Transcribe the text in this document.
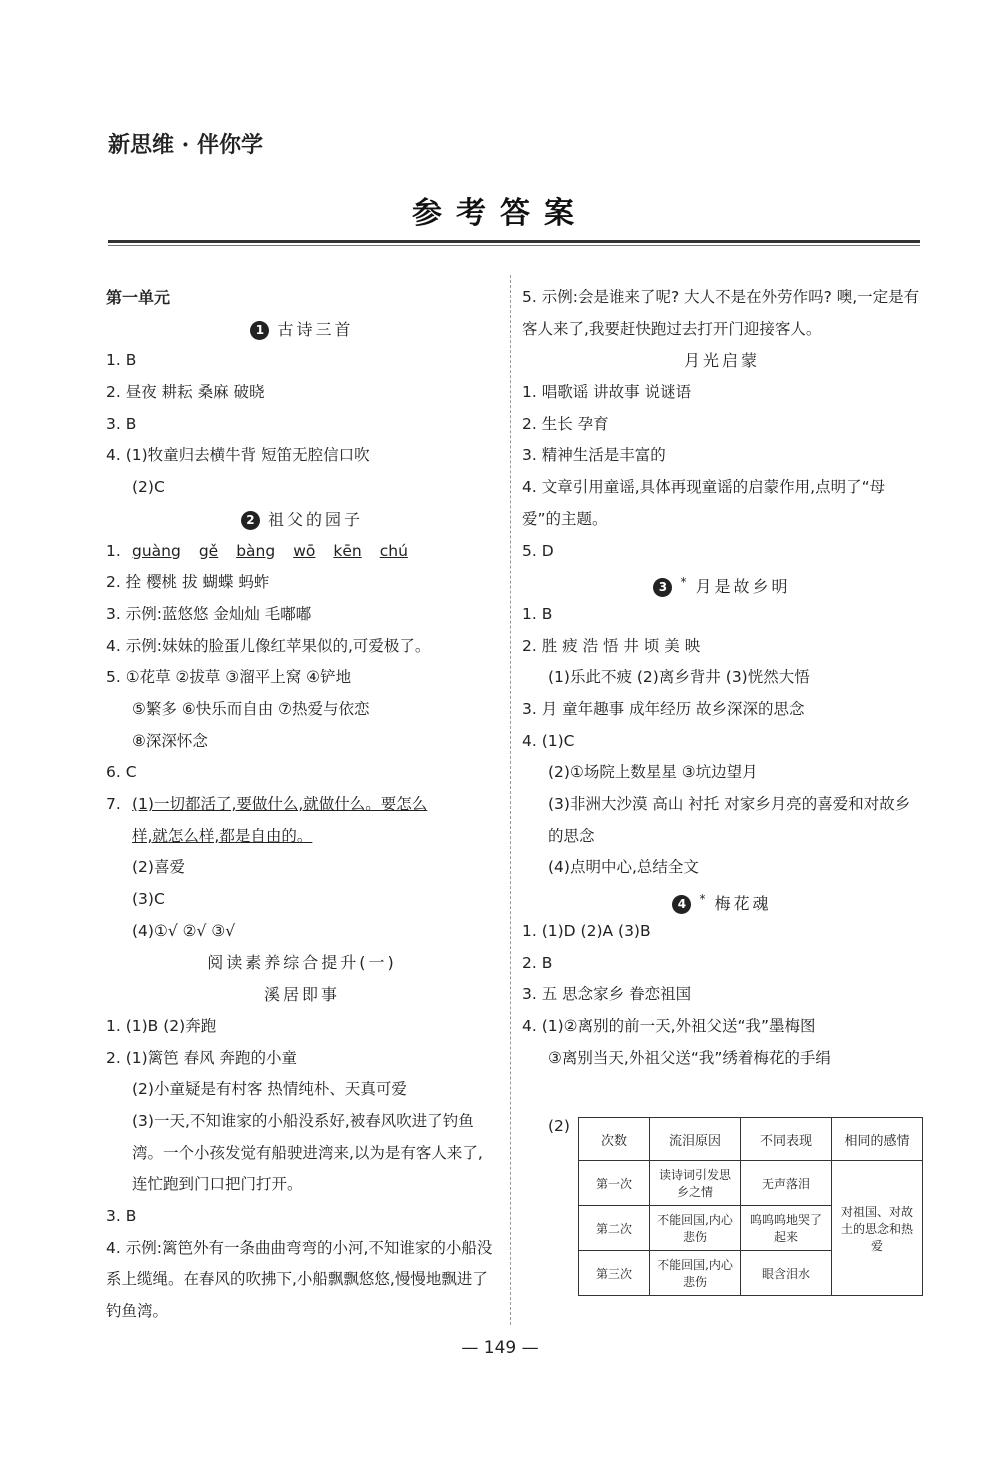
新思维 · 伴你学
参考答案
第一单元
1 古诗三首
1. B
2. 昼夜 耕耘 桑麻 破晓
3. B
4. (1)牧童归去横牛背 短笛无腔信口吹
(2)C
2 祖父的园子
1. guàng gě bàng wō kēn chú
2. 拴 樱桃 拔 蝴蝶 蚂蚱
3. 示例:蓝悠悠 金灿灿 毛嘟嘟
4. 示例:妹妹的脸蛋儿像红苹果似的,可爱极了。
5. ①花草 ②拔草 ③溜平上窝 ④铲地
⑤繁多 ⑥快乐而自由 ⑦热爱与依恋
⑧深深怀念
6. C
7. (1)一切都活了,要做什么,就做什么。要怎么
样,就怎么样,都是自由的。
(2)喜爱
(3)C
(4)①√ ②√ ③√
阅读素养综合提升(一)
溪居即事
1. (1)B (2)奔跑
2. (1)篱笆 春风 奔跑的小童
(2)小童疑是有村客 热情纯朴、天真可爱
(3)一天,不知谁家的小船没系好,被春风吹进了钓鱼湾。一个小孩发觉有船驶进湾来,以为是有客人来了,连忙跑到门口把门打开。
3. B
4. 示例:篱笆外有一条曲曲弯弯的小河,不知谁家的小船没系上缆绳。在春风的吹拂下,小船飘飘悠悠,慢慢地飘进了钓鱼湾。
5. 示例:会是谁来了呢? 大人不是在外劳作吗? 噢,一定是有客人来了,我要赶快跑过去打开门迎接客人。
月光启蒙
1. 唱歌谣 讲故事 说谜语
2. 生长 孕育
3. 精神生活是丰富的
4. 文章引用童谣,具体再现童谣的启蒙作用,点明了“母爱”的主题。
5. D
3 * 月是故乡明
1. B
2. 胜 疲 浩 悟 井 顷 美 映
(1)乐此不疲 (2)离乡背井 (3)恍然大悟
3. 月 童年趣事 成年经历 故乡深深的思念
4. (1)C
(2)①场院上数星星 ③坑边望月
(3)非洲大沙漠 高山 衬托 对家乡月亮的喜爱和对故乡的思念
(4)点明中心,总结全文
4 * 梅花魂
1. (1)D (2)A (3)B
2. B
3. 五 思念家乡 眷恋祖国
4. (1)②离别的前一天,外祖父送“我”墨梅图
③离别当天,外祖父送“我”绣着梅花的手绢
(2)
次数	流泪原因	不同表现	相同的感情
第一次	读诗词引发思乡之情	无声落泪	对祖国、对故土的思念和热爱
第二次	不能回国,内心悲伤	呜呜呜地哭了起来	
第三次	不能回国,内心悲伤	眼含泪水	
— 149 —
